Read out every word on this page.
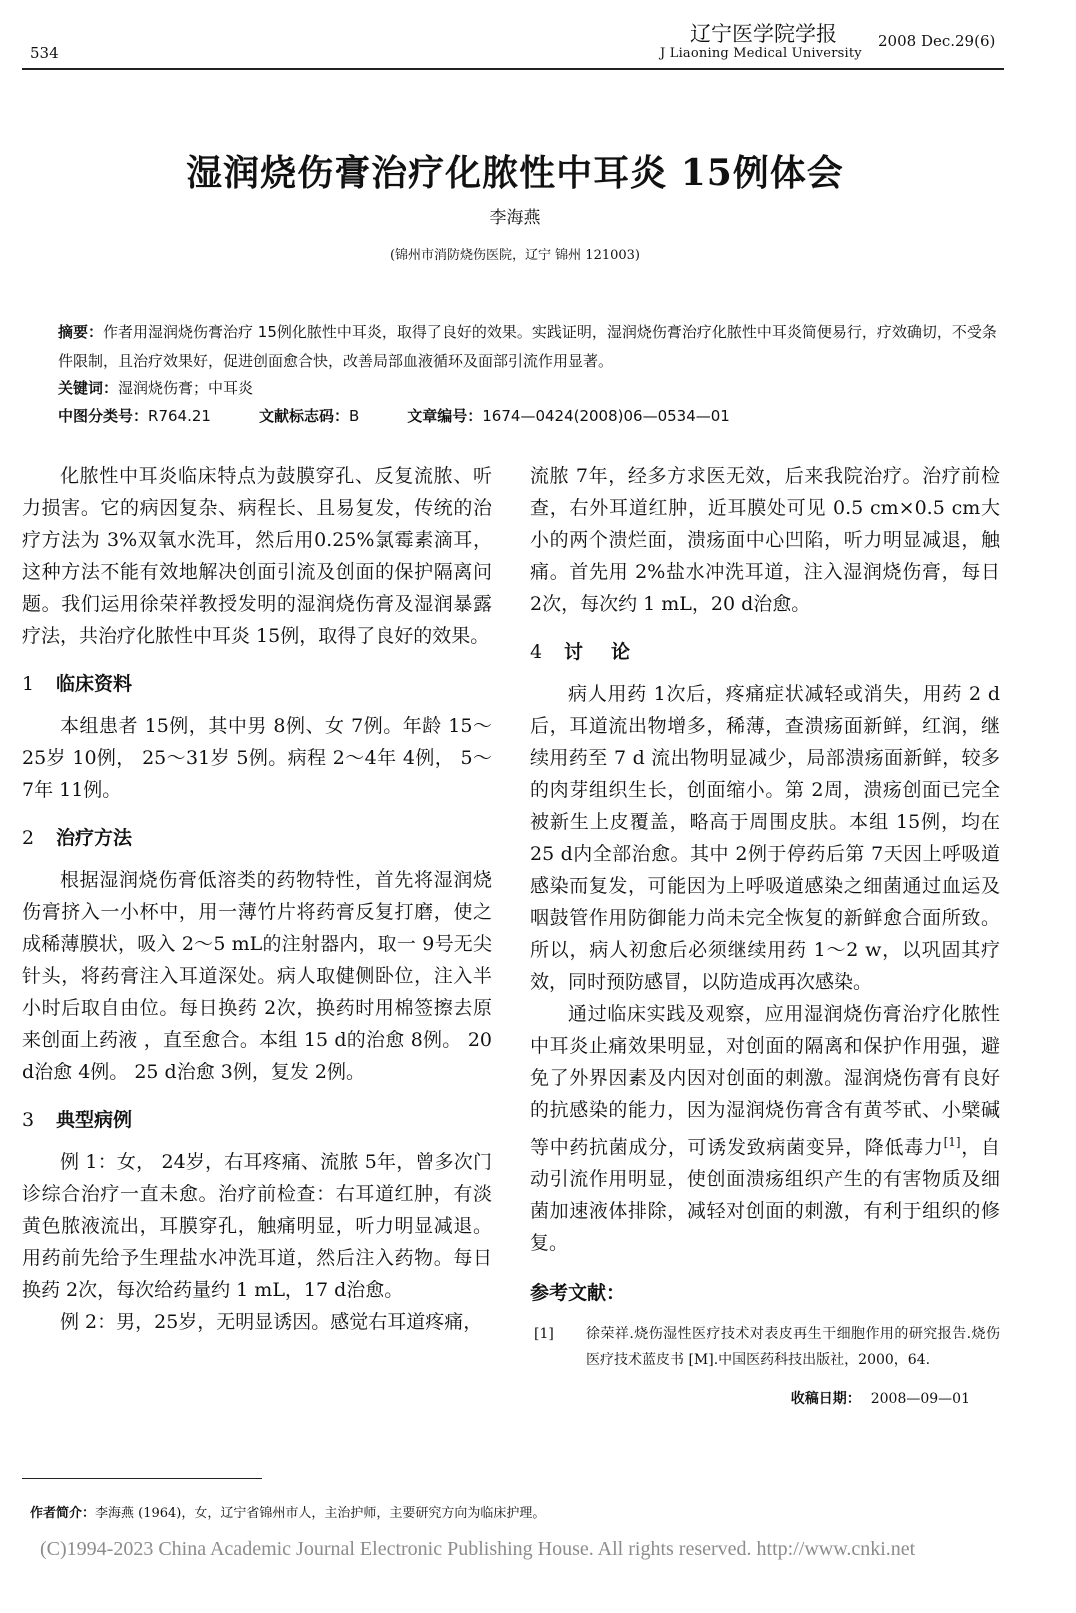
534
辽宁医学院学报
J Liaoning Medical University
2008 Dec.29(6)
湿润烧伤膏治疗化脓性中耳炎 15例体会
李海燕
(锦州市消防烧伤医院，辽宁 锦州 121003)
摘要：作者用湿润烧伤膏治疗 15例化脓性中耳炎，取得了良好的效果。实践证明，湿润烧伤膏治疗化脓性中耳炎简便易行，疗效确切，不受条件限制，且治疗效果好，促进创面愈合快，改善局部血液循环及面部引流作用显著。
关键词：湿润烧伤膏；中耳炎
中图分类号：R764.21	文献标志码：B	文章编号：1674—0424(2008)06—0534—01

化脓性中耳炎临床特点为鼓膜穿孔、反复流脓、听力损害。它的病因复杂、病程长、且易复发，传统的治疗方法为 3%双氧水洗耳，然后用0.25%氯霉素滴耳，这种方法不能有效地解决创面引流及创面的保护隔离问题。我们运用徐荣祥教授发明的湿润烧伤膏及湿润暴露疗法，共治疗化脓性中耳炎 15例，取得了良好的效果。

1 临床资料

本组患者 15例，其中男 8例、女 7例。年龄 15～25岁 10例， 25～31岁 5例。病程 2～4年 4例， 5～7年 11例。

2 治疗方法

根据湿润烧伤膏低溶类的药物特性，首先将湿润烧伤膏挤入一小杯中，用一薄竹片将药膏反复打磨，使之成稀薄膜状，吸入 2～5 mL的注射器内，取一 9号无尖针头，将药膏注入耳道深处。病人取健侧卧位，注入半小时后取自由位。每日换药 2次，换药时用棉签擦去原来创面上药液 ，直至愈合。本组 15 d的治愈 8例。 20 d治愈 4例。 25 d治愈 3例，复发 2例。

3 典型病例

例 1：女， 24岁，右耳疼痛、流脓 5年，曾多次门诊综合治疗一直未愈。治疗前检查：右耳道红肿，有淡黄色脓液流出，耳膜穿孔，触痛明显，听力明显减退。用药前先给予生理盐水冲洗耳道，然后注入药物。每日换药 2次，每次给药量约 1 mL，17 d治愈。

例 2：男，25岁，无明显诱因。感觉右耳道疼痛，

流脓 7年，经多方求医无效，后来我院治疗。治疗前检查，右外耳道红肿，近耳膜处可见 0.5 cm×0.5 cm大小的两个溃烂面，溃疡面中心凹陷，听力明显减退，触痛。首先用 2%盐水冲洗耳道，注入湿润烧伤膏，每日 2次，每次约 1 mL，20 d治愈。

4 讨论

病人用药 1次后，疼痛症状减轻或消失，用药 2 d后，耳道流出物增多，稀薄，查溃疡面新鲜，红润，继续用药至 7 d 流出物明显减少，局部溃疡面新鲜，较多的肉芽组织生长，创面缩小。第 2周，溃疡创面已完全被新生上皮覆盖，略高于周围皮肤。本组 15例，均在 25 d内全部治愈。其中 2例于停药后第 7天因上呼吸道感染而复发，可能因为上呼吸道感染之细菌通过血运及咽鼓管作用防御能力尚未完全恢复的新鲜愈合面所致。所以，病人初愈后必须继续用药 1～2 w，以巩固其疗效，同时预防感冒，以防造成再次感染。

通过临床实践及观察，应用湿润烧伤膏治疗化脓性中耳炎止痛效果明显，对创面的隔离和保护作用强，避免了外界因素及内因对创面的刺激。湿润烧伤膏有良好的抗感染的能力，因为湿润烧伤膏含有黄芩甙、小檗碱等中药抗菌成分，可诱发致病菌变异，降低毒力[1]，自动引流作用明显，使创面溃疡组织产生的有害物质及细菌加速液体排除，减轻对创面的刺激，有利于组织的修复。

参考文献：
[1]	徐荣祥.烧伤湿性医疗技术对表皮再生干细胞作用的研究报告.烧伤医疗技术蓝皮书 [M].中国医药科技出版社，2000，64.
收稿日期： 2008—09—01
作者简介：李海燕 (1964)，女，辽宁省锦州市人，主治护师，主要研究方向为临床护理。
(C)1994-2023 China Academic Journal Electronic Publishing House. All rights reserved. http://www.cnki.net
